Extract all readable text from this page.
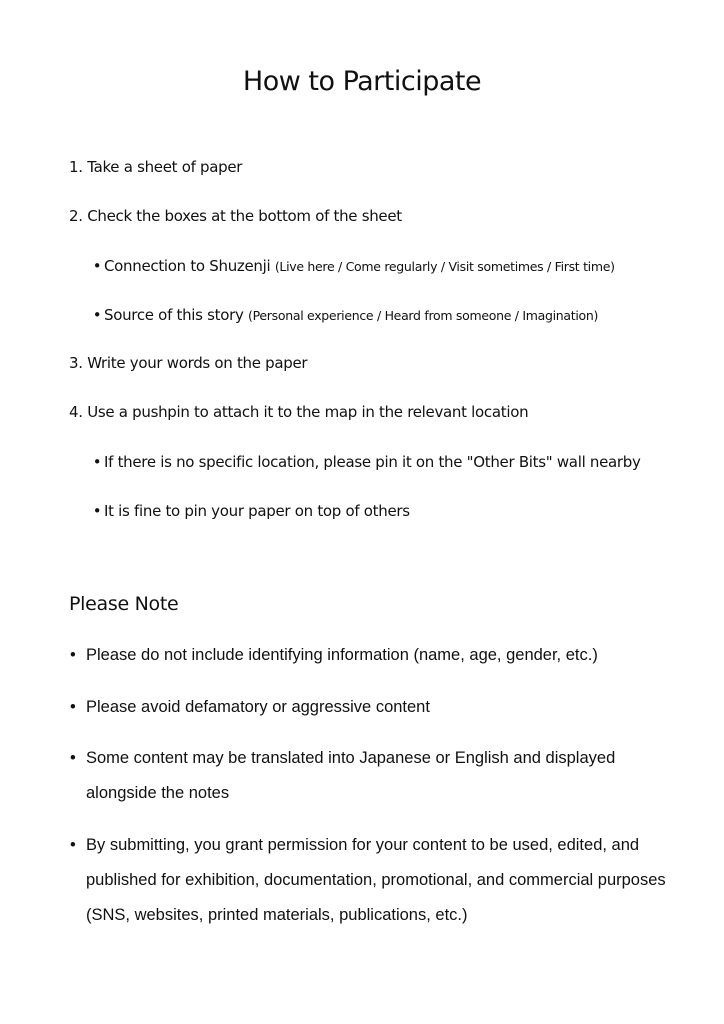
How to Participate
1. Take a sheet of paper
2. Check the boxes at the bottom of the sheet
• Connection to Shuzenji (Live here / Come regularly / Visit sometimes / First time)
• Source of this story (Personal experience / Heard from someone / Imagination)
3. Write your words on the paper
4. Use a pushpin to attach it to the map in the relevant location
• If there is no specific location, please pin it on the "Other Bits" wall nearby
• It is fine to pin your paper on top of others
Please Note
• Please do not include identifying information (name, age, gender, etc.)
• Please avoid defamatory or aggressive content
• Some content may be translated into Japanese or English and displayed alongside the notes
• By submitting, you grant permission for your content to be used, edited, and published for exhibition, documentation, promotional, and commercial purposes (SNS, websites, printed materials, publications, etc.)
